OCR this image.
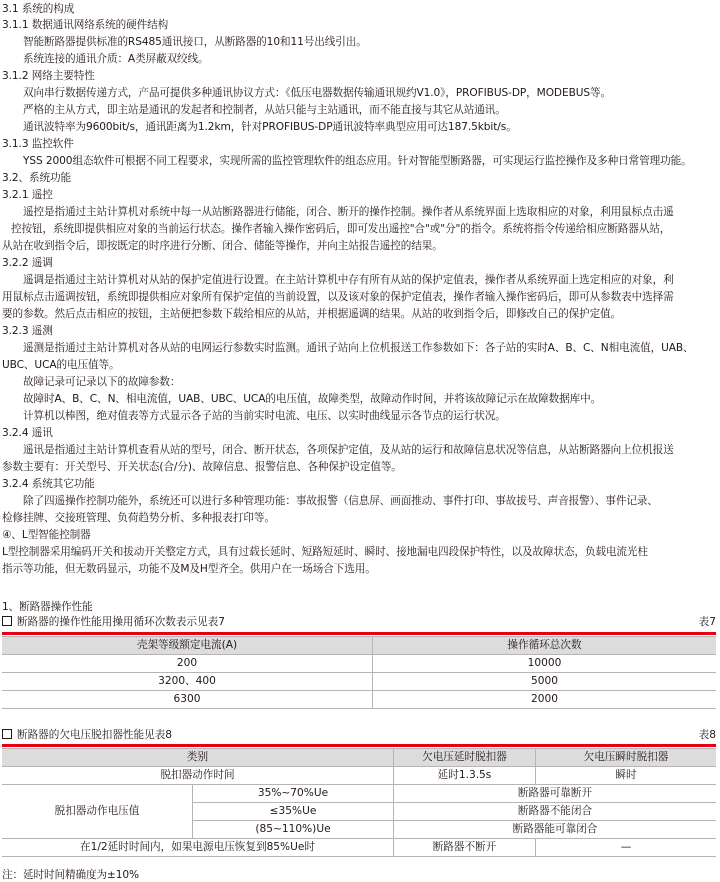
3.1 系统的构成
3.1.1 数据通讯网络系统的硬件结构
智能断路器提供标准的RS485通讯接口，从断路器的10和11号出线引出。
系统连接的通讯介质：A类屏蔽双绞线。
3.1.2 网络主要特性
双向串行数据传递方式，产品可提供多种通讯协议方式：《低压电器数据传输通讯规约V1.0》，PROFIBUS-DP，MODEBUS等。
严格的主从方式，即主站是通讯的发起者和控制者，从站只能与主站通讯，而不能直接与其它从站通讯。
通讯波特率为9600bit/s，通讯距离为1.2km，针对PROFIBUS-DP通讯波特率典型应用可达187.5kbit/s。
3.1.3 监控软件
YSS 2000组态软件可根据不同工程要求，实现所需的监控管理软件的组态应用。针对智能型断路器，可实现运行监控操作及多种日常管理功能。
3.2、系统功能
3.2.1 遥控
遥控是指通过主站计算机对系统中每一从站断路器进行储能，闭合、断开的操作控制。操作者从系统界面上选取相应的对象，利用鼠标点击遥
控按钮，系统即提供相应对象的当前运行状态。操作者输入操作密码后，即可发出遥控"合"或"分"的指令。系统将指令传递给相应断路器从站，
从站在收到指令后，即按既定的时序进行分断、闭合、储能等操作，并向主站报告遥控的结果。
3.2.2 遥调
遥调是指通过主站计算机对从站的保护定值进行设置。在主站计算机中存有所有从站的保护定值表，操作者从系统界面上选定相应的对象，利
用鼠标点击遥调按钮，系统即提供相应对象所有保护定值的当前设置，以及该对象的保护定值表，操作者输入操作密码后，即可从参数表中选择需
要的参数。然后点击相应的按钮，主站便把参数下载给相应的从站，并根据遥调的结果。从站的收到指令后，即修改自己的保护定值。
3.2.3 遥测
遥测是指通过主站计算机对各从站的电网运行参数实时监测。通讯子站向上位机报送工作参数如下：各子站的实时A、B、C、N相电流值，UAB、
UBC、UCA的电压值等。
故障记录可记录以下的故障参数：
故障时A、B、C、N、相电流值，UAB、UBC、UCA的电压值，故障类型，故障动作时间，并将该故障记示在故障数据库中。
计算机以棒图，绝对值表等方式显示各子站的当前实时电流、电压、以实时曲线显示各节点的运行状况。
3.2.4 遥讯
遥讯是指通过主站计算机查看从站的型号，闭合、断开状态，各项保护定值，及从站的运行和故障信息状况等信息，从站断路器向上位机报送
参数主要有：开关型号、开关状态(合/分)、故障信息、报警信息、各种保护设定值等。
3.2.4 系统其它功能
除了四遥操作控制功能外，系统还可以进行多种管理功能：事故报警（信息屏、画面推动、事件打印、事故拔号、声音报警）、事件记录、
检修挂牌、交接班管理、负荷趋势分析、多种报表打印等。
④、L型智能控制器
L型控制器采用编码开关和拔动开关整定方式，具有过载长延时、短路短延时、瞬时、接地漏电四段保护特性，以及故障状态，负载电流光柱
指示等功能，但无数码显示，功能不及M及H型齐全。供用户在一场场合下选用。
1、断路器操作性能
断路器的操作性能用操用循环次数表示见表7	表7
壳架等级额定电流(A)	操作循环总次数
200	10000
3200、400	5000
6300	2000
断路器的欠电压脱扣器性能见表8	表8
类别		欠电压延时脱扣器	欠电压瞬时脱扣器
脱扣器动作时间		延时1.3.5s	瞬时
脱扣器动作电压值	35%~70%Ue	断路器可靠断开	
	≤35%Ue	断路器不能闭合	
	(85~110%)Ue	断路器能可靠闭合	
在1/2延时时间内，如果电源电压恢复到85%Ue时		断路器不断开	—
注：延时时间精确度为±10%
